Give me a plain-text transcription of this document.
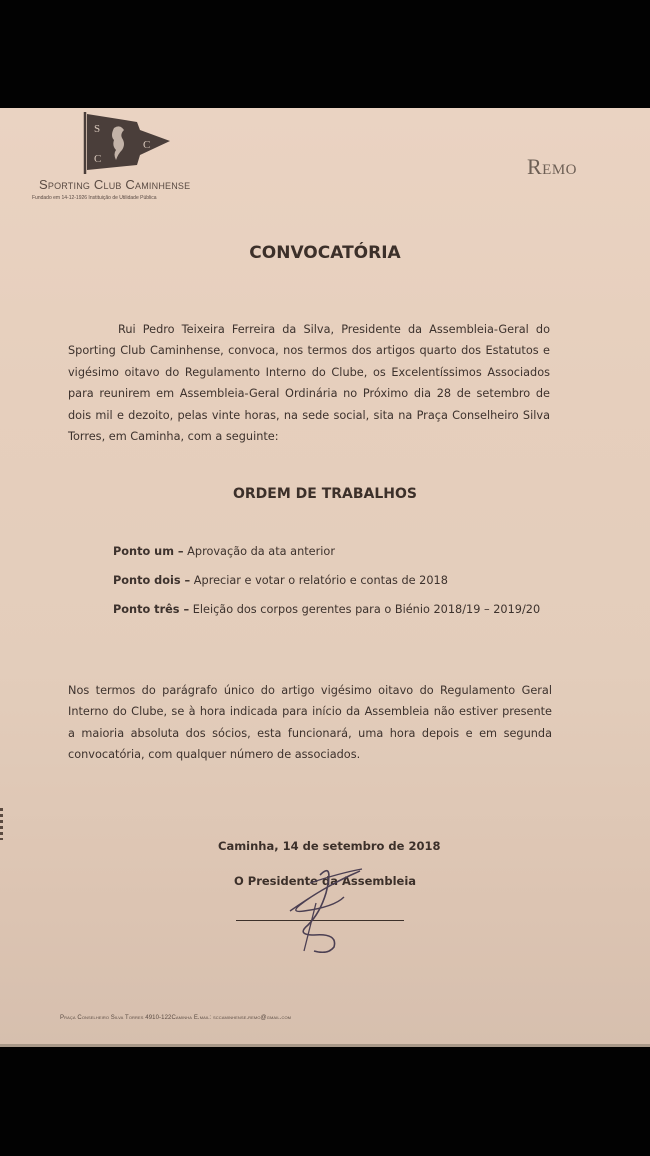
S
C
C
Sporting Club Caminhense
Fundado em 14-12-1926 Instituição de Utilidade Pública
Remo
CONVOCATÓRIA
Rui Pedro Teixeira Ferreira da Silva, Presidente da Assembleia-Geral do Sporting Club Caminhense, convoca, nos termos dos artigos quarto dos Estatutos e vigésimo oitavo do Regulamento Interno do Clube, os Excelentíssimos Associados para reunirem em Assembleia-Geral Ordinária no Próximo dia 28 de setembro de dois mil e dezoito, pelas vinte horas, na sede social, sita na Praça Conselheiro Silva Torres, em Caminha, com a seguinte:
ORDEM DE TRABALHOS
Ponto um – Aprovação da ata anterior
Ponto dois – Apreciar e votar o relatório e contas de 2018
Ponto três – Eleição dos corpos gerentes para o Biénio 2018/19 – 2019/20
Nos termos do parágrafo único do artigo vigésimo oitavo do Regulamento Geral Interno do Clube, se à hora indicada para início da Assembleia não estiver presente a maioria absoluta dos sócios, esta funcionará, uma hora depois e em segunda convocatória, com qualquer número de associados.
Caminha, 14 de setembro de 2018
O Presidente da Assembleia
Praça Conselheiro Silva Torres 4910-122Caminha E.mail: sccaminhense.remo@gmail.com
